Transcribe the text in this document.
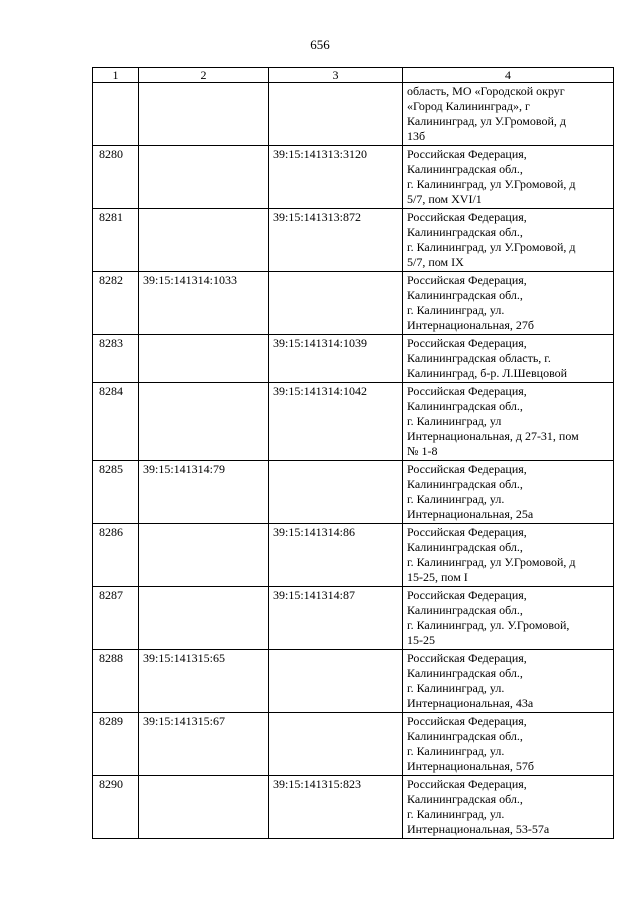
656
1	2	3	4
			область, МО «Городской округ
«Город Калининград», г
Калининград, ул У.Громовой, д
13б
8280		39:15:141313:3120	Российская Федерация,
Калининградская обл.,
г. Калининград, ул У.Громовой, д
5/7, пом XVI/1
8281		39:15:141313:872	Российская Федерация,
Калининградская обл.,
г. Калининград, ул У.Громовой, д
5/7, пом IX
8282	39:15:141314:1033		Российская Федерация,
Калининградская обл.,
г. Калининград, ул.
Интернациональная, 27б
8283		39:15:141314:1039	Российская Федерация,
Калининградская область, г.
Калининград, б-р. Л.Шевцовой
8284		39:15:141314:1042	Российская Федерация,
Калининградская обл.,
г. Калининград, ул
Интернациональная, д 27-31, пом
№ 1-8
8285	39:15:141314:79		Российская Федерация,
Калининградская обл.,
г. Калининград, ул.
Интернациональная, 25а
8286		39:15:141314:86	Российская Федерация,
Калининградская обл.,
г. Калининград, ул У.Громовой, д
15-25, пом I
8287		39:15:141314:87	Российская Федерация,
Калининградская обл.,
г. Калининград, ул. У.Громовой,
15-25
8288	39:15:141315:65		Российская Федерация,
Калининградская обл.,
г. Калининград, ул.
Интернациональная, 43а
8289	39:15:141315:67		Российская Федерация,
Калининградская обл.,
г. Калининград, ул.
Интернациональная, 57б
8290		39:15:141315:823	Российская Федерация,
Калининградская обл.,
г. Калининград, ул.
Интернациональная, 53-57а
